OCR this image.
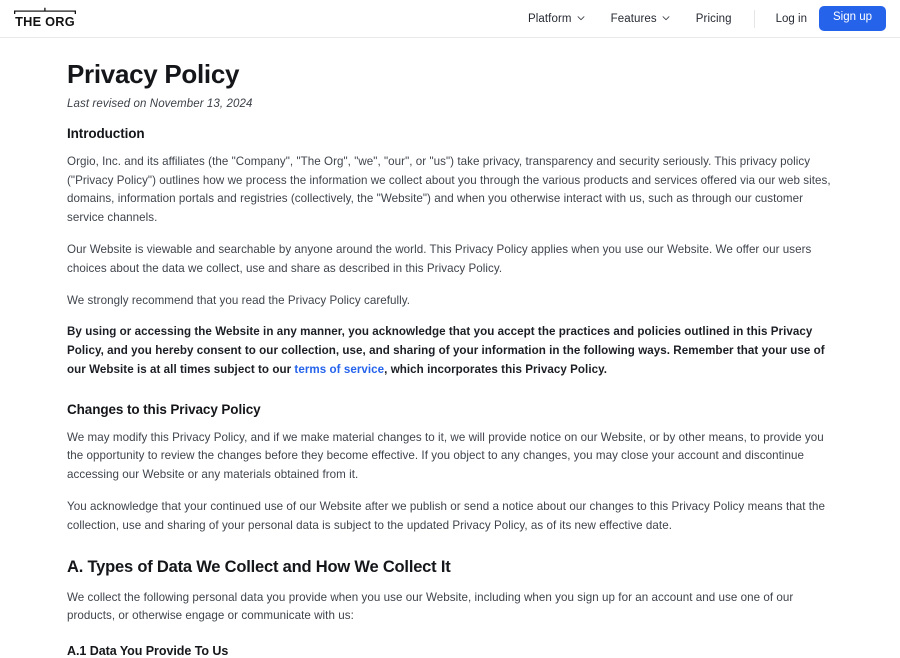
THE ORG	Platform	Features	Pricing	Log in	Sign up
Privacy Policy
Last revised on November 13, 2024
Introduction

Orgio, Inc. and its affiliates (the "Company", "The Org", "we", "our", or "us") take privacy, transparency and security seriously. This privacy policy ("Privacy Policy") outlines how we process the information we collect about you through the various products and services offered via our web sites, domains, information portals and registries (collectively, the "Website") and when you otherwise interact with us, such as through our customer service channels.

Our Website is viewable and searchable by anyone around the world. This Privacy Policy applies when you use our Website. We offer our users choices about the data we collect, use and share as described in this Privacy Policy.

We strongly recommend that you read the Privacy Policy carefully.

By using or accessing the Website in any manner, you acknowledge that you accept the practices and policies outlined in this Privacy Policy, and you hereby consent to our collection, use, and sharing of your information in the following ways. Remember that your use of our Website is at all times subject to our terms of service, which incorporates this Privacy Policy.

Changes to this Privacy Policy

We may modify this Privacy Policy, and if we make material changes to it, we will provide notice on our Website, or by other means, to provide you the opportunity to review the changes before they become effective. If you object to any changes, you may close your account and discontinue accessing our Website or any materials obtained from it.

You acknowledge that your continued use of our Website after we publish or send a notice about our changes to this Privacy Policy means that the collection, use and sharing of your personal data is subject to the updated Privacy Policy, as of its new effective date.

A. Types of Data We Collect and How We Collect It

We collect the following personal data you provide when you use our Website, including when you sign up for an account and use one of our products, or otherwise engage or communicate with us:

A.1 Data You Provide To Us
